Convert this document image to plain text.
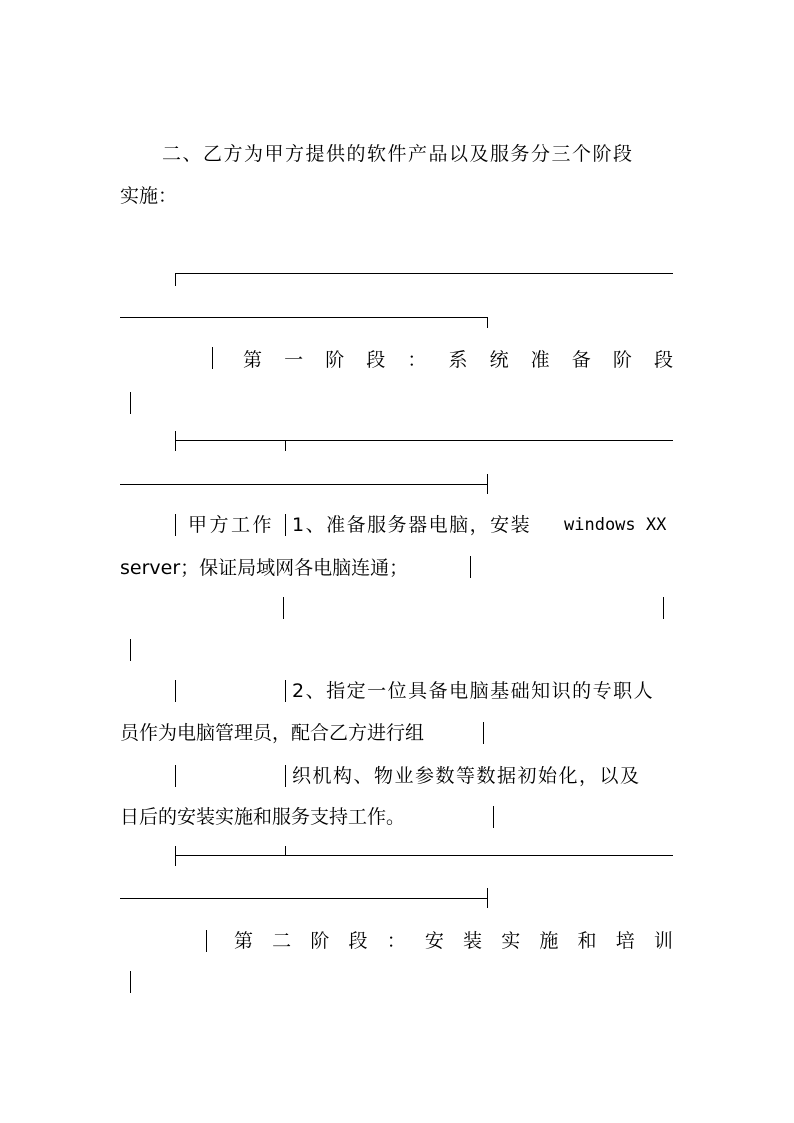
二、乙方为甲方提供的软件产品以及服务分三个阶段
实施：
第 一 阶 段 ： 系 统 准 备 阶 段
甲方工作 1、准备服务器电脑，安装 windows XX
server；保证局域网各电脑连通；
2、指定一位具备电脑基础知识的专职人
员作为电脑管理员，配合乙方进行组
织机构、物业参数等数据初始化，以及
日后的安装实施和服务支持工作。
第 二 阶 段 ： 安 装 实 施 和 培 训
